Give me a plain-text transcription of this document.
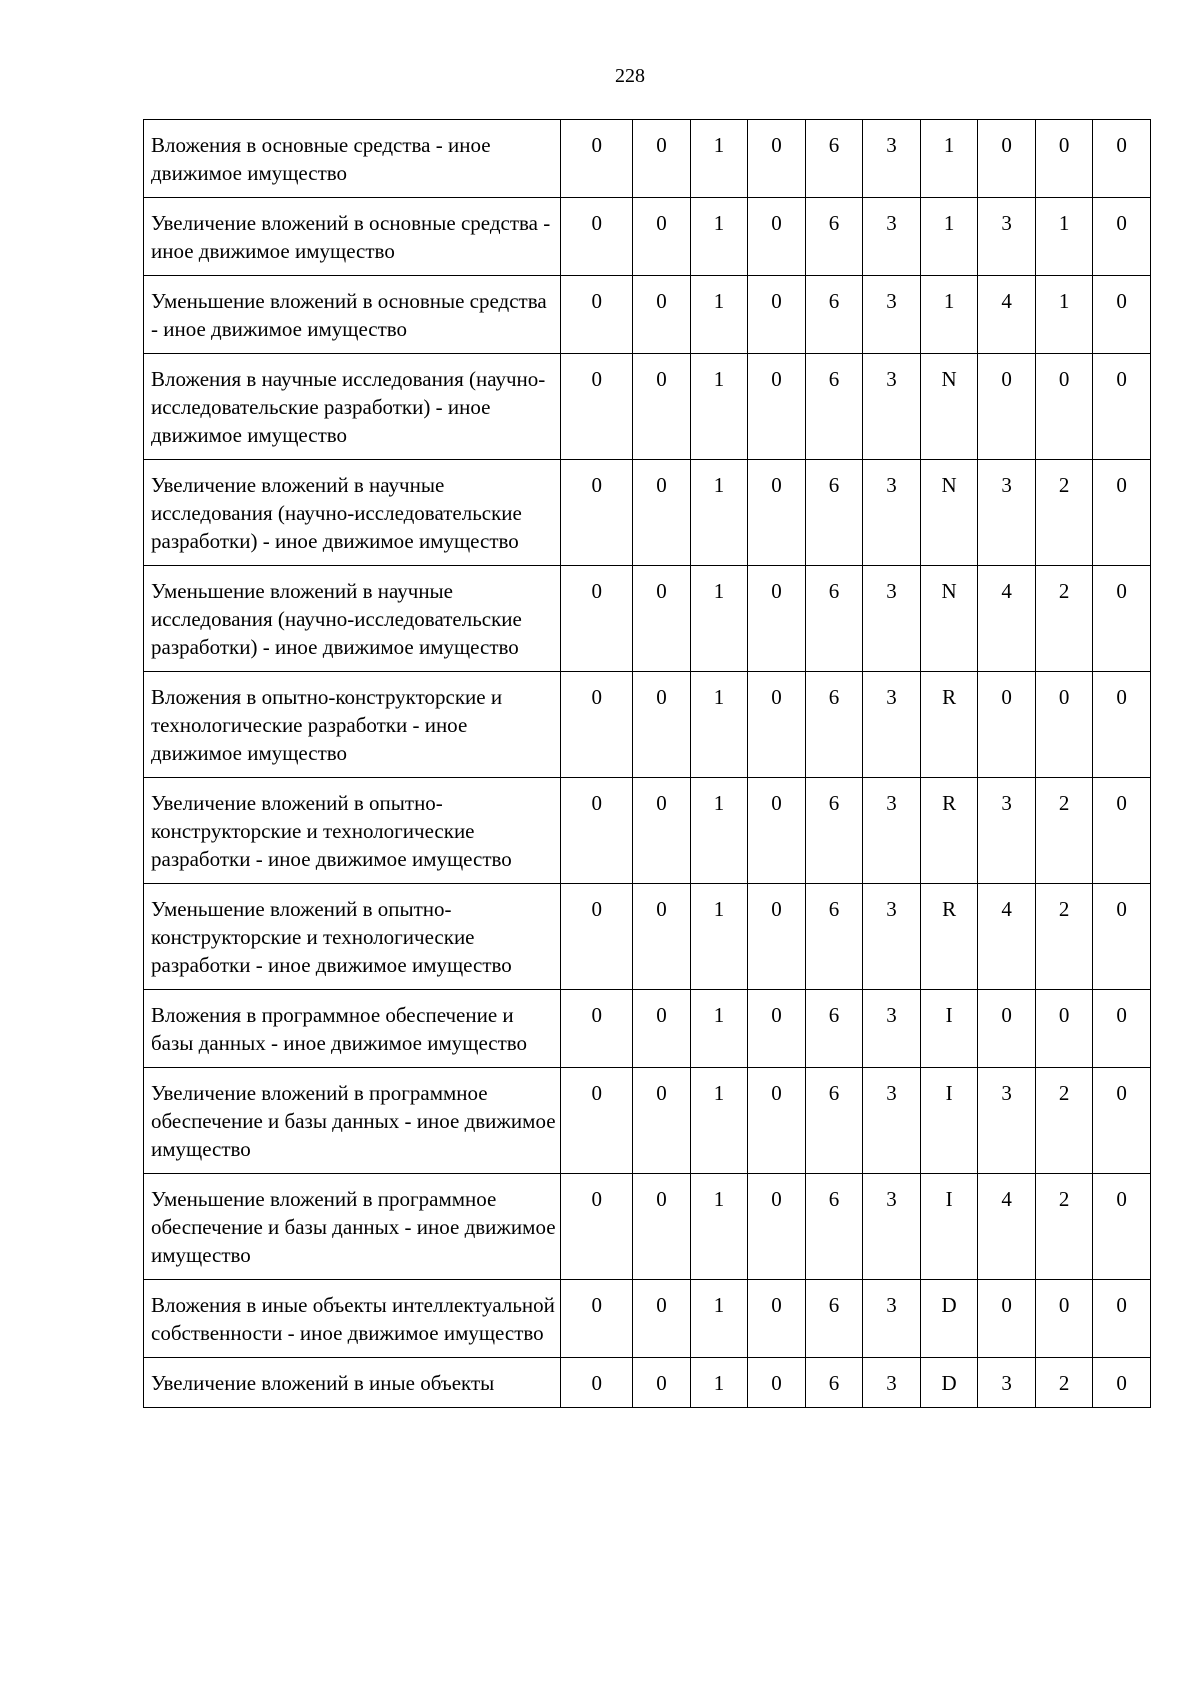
228
Вложения в основные средства - иное движимое имущество	0	0	1	0	6	3	1	0	0	0
Увеличение вложений в основные средства - иное движимое имущество	0	0	1	0	6	3	1	3	1	0
Уменьшение вложений в основные средства - иное движимое имущество	0	0	1	0	6	3	1	4	1	0
Вложения в научные исследования (научно-исследовательские разработки) - иное движимое имущество	0	0	1	0	6	3	N	0	0	0
Увеличение вложений в научные исследования (научно-исследовательские разработки) - иное движимое имущество	0	0	1	0	6	3	N	3	2	0
Уменьшение вложений в научные исследования (научно-исследовательские разработки) - иное движимое имущество	0	0	1	0	6	3	N	4	2	0
Вложения в опытно-конструкторские и технологические разработки - иное движимое имущество	0	0	1	0	6	3	R	0	0	0
Увеличение вложений в опытно-конструкторские и технологические разработки - иное движимое имущество	0	0	1	0	6	3	R	3	2	0
Уменьшение вложений в опытно-конструкторские и технологические разработки - иное движимое имущество	0	0	1	0	6	3	R	4	2	0
Вложения в программное обеспечение и базы данных - иное движимое имущество	0	0	1	0	6	3	I	0	0	0
Увеличение вложений в программное обеспечение и базы данных - иное движимое имущество	0	0	1	0	6	3	I	3	2	0
Уменьшение вложений в программное обеспечение и базы данных - иное движимое имущество	0	0	1	0	6	3	I	4	2	0
Вложения в иные объекты интеллектуальной собственности - иное движимое имущество	0	0	1	0	6	3	D	0	0	0
Увеличение вложений в иные объекты	0	0	1	0	6	3	D	3	2	0
